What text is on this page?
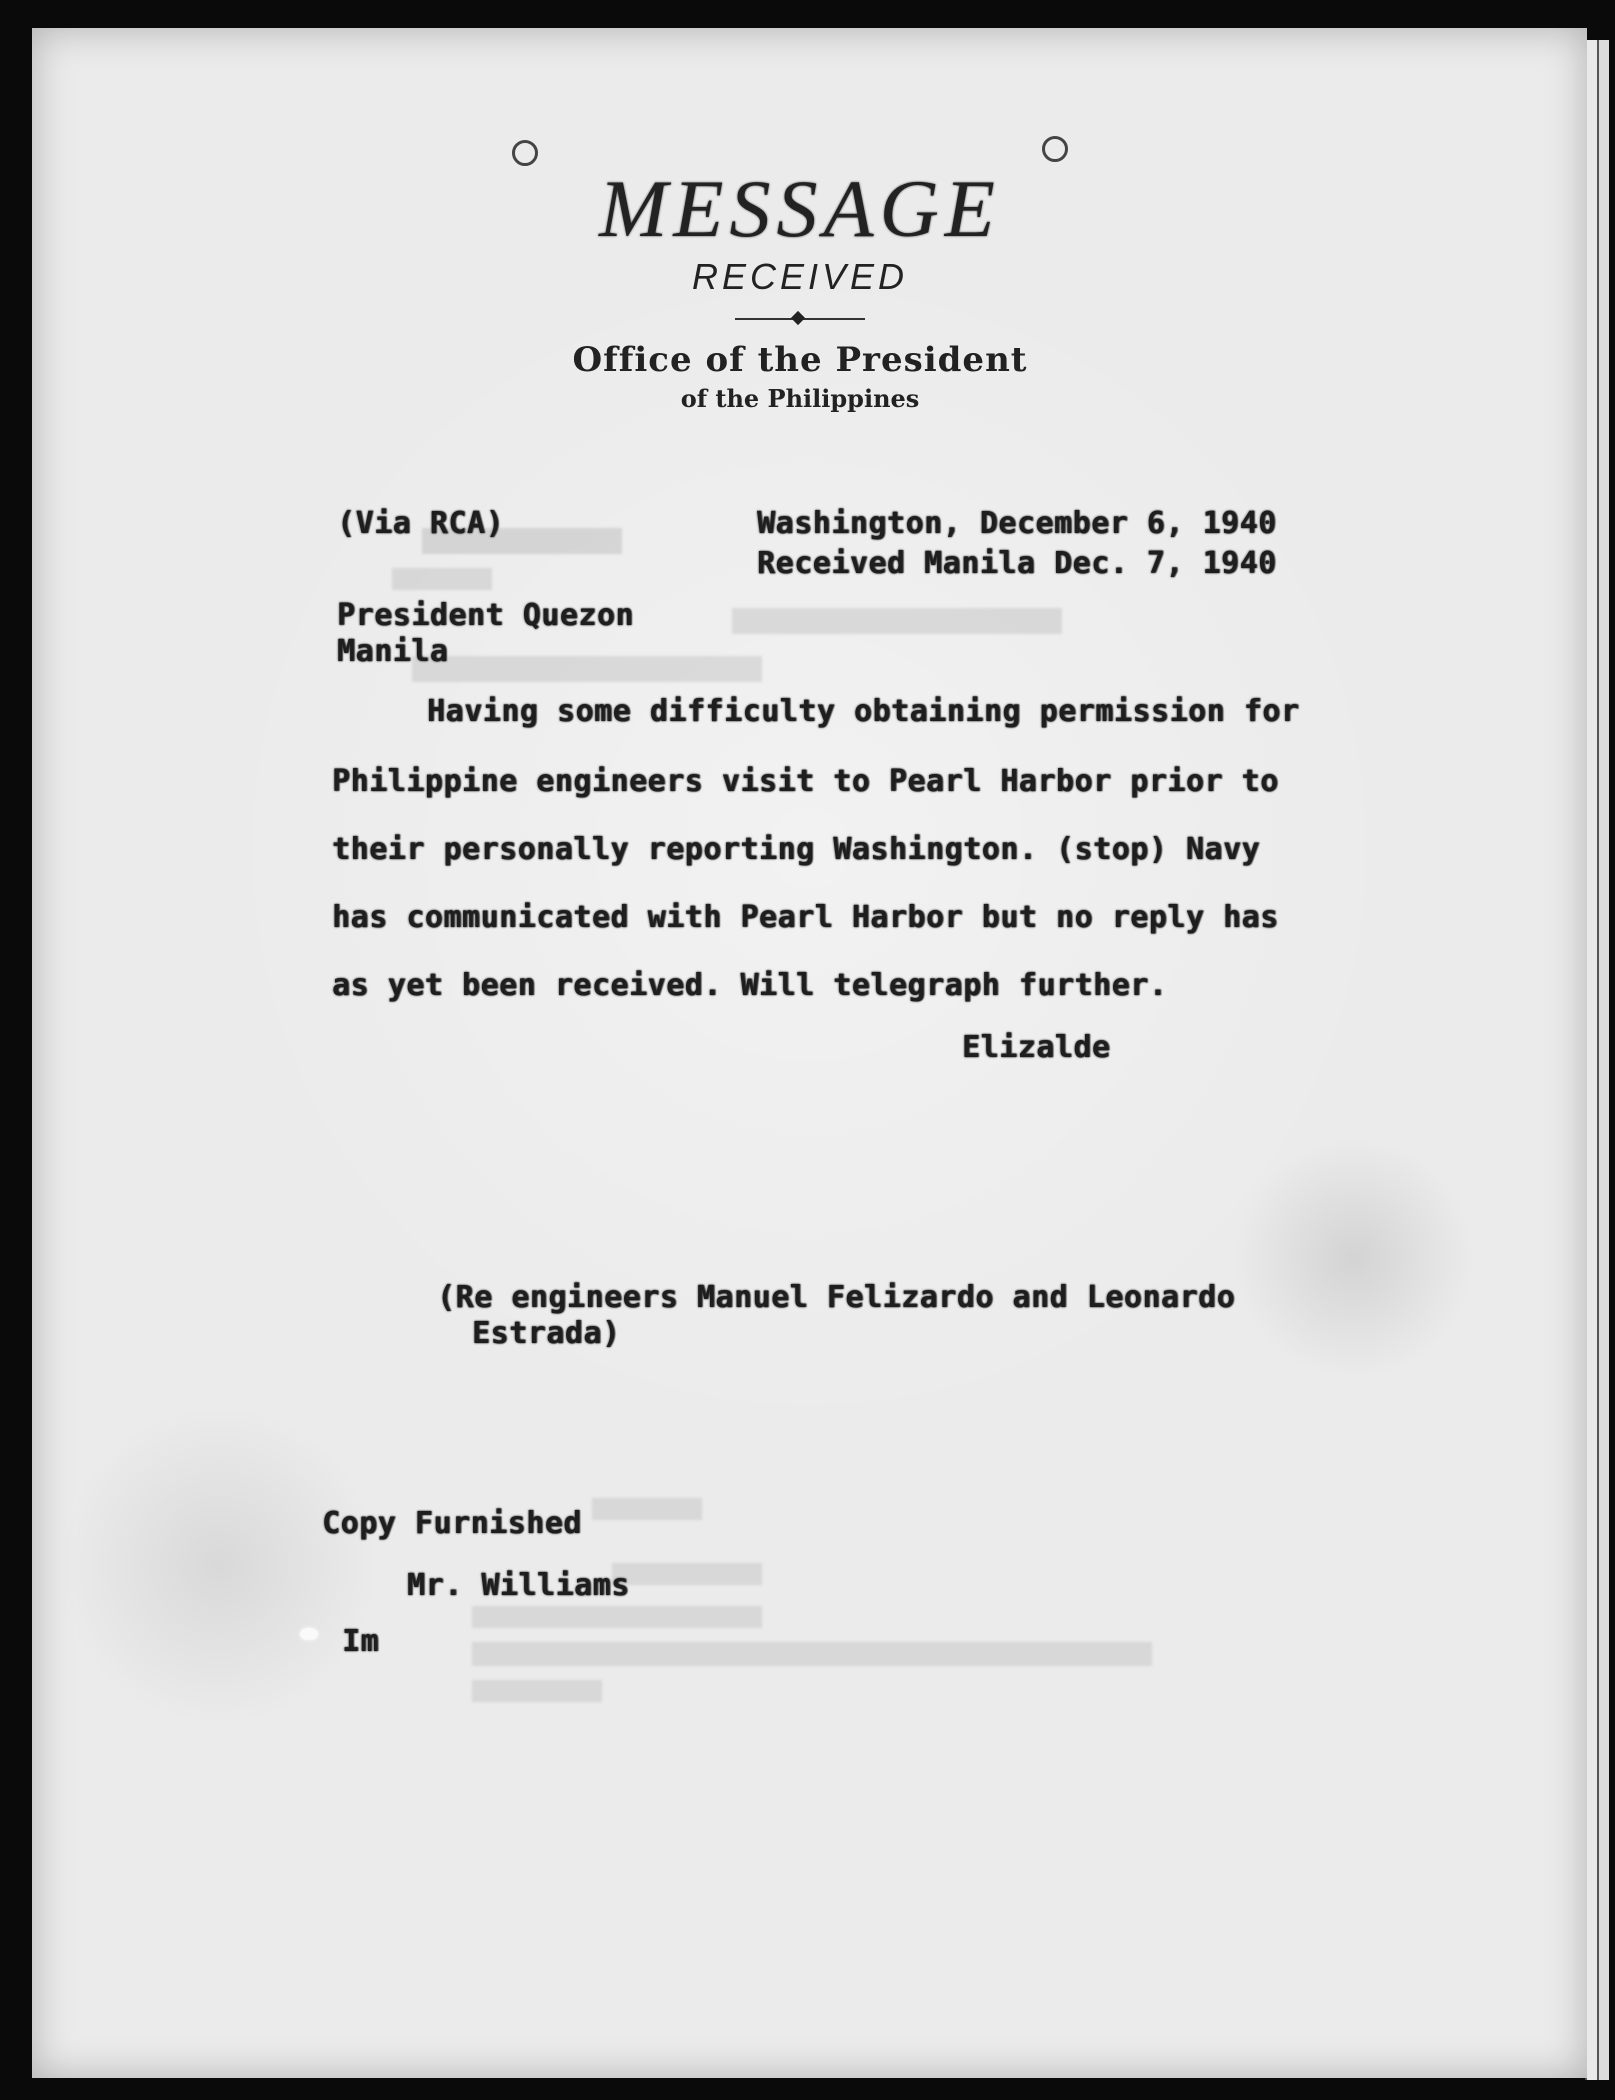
MESSAGE
RECEIVED
Office of the President
of the Philippines
(Via RCA)	Washington, December 6, 1940
Received Manila Dec. 7, 1940
President Quezon
Manila
Having some difficulty obtaining permission for
Philippine engineers visit to Pearl Harbor prior to
their personally reporting Washington. (stop) Navy
has communicated with Pearl Harbor but no reply has
as yet been received. Will telegraph further.
Elizalde
(Re engineers Manuel Felizardo and Leonardo
Estrada)
Copy Furnished
Mr. Williams
Im
